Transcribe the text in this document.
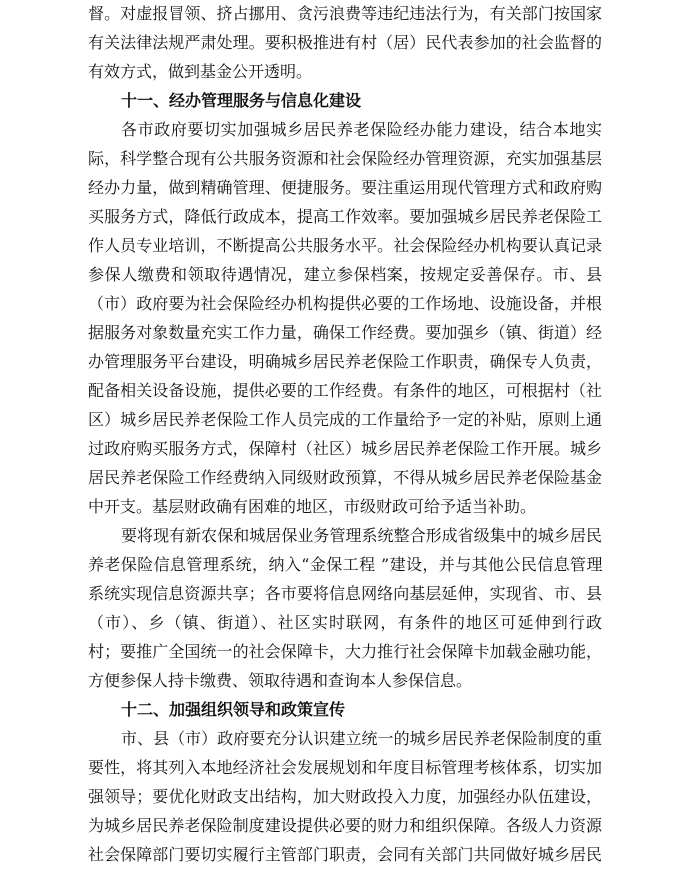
督。对虚报冒领、挤占挪用、贪污浪费等违纪违法行为，有关部门按国家
有关法律法规严肃处理。要积极推进有村（居）民代表参加的社会监督的
有效方式，做到基金公开透明。
十一、经办管理服务与信息化建设
各市政府要切实加强城乡居民养老保险经办能力建设，结合本地实
际，科学整合现有公共服务资源和社会保险经办管理资源，充实加强基层
经办力量，做到精确管理、便捷服务。要注重运用现代管理方式和政府购
买服务方式，降低行政成本，提高工作效率。要加强城乡居民养老保险工
作人员专业培训，不断提高公共服务水平。社会保险经办机构要认真记录
参保人缴费和领取待遇情况，建立参保档案，按规定妥善保存。市、县
（市）政府要为社会保险经办机构提供必要的工作场地、设施设备，并根
据服务对象数量充实工作力量，确保工作经费。要加强乡（镇、街道）经
办管理服务平台建设，明确城乡居民养老保险工作职责，确保专人负责，
配备相关设备设施，提供必要的工作经费。有条件的地区，可根据村（社
区）城乡居民养老保险工作人员完成的工作量给予一定的补贴，原则上通
过政府购买服务方式，保障村（社区）城乡居民养老保险工作开展。城乡
居民养老保险工作经费纳入同级财政预算，不得从城乡居民养老保险基金
中开支。基层财政确有困难的地区，市级财政可给予适当补助。
要将现有新农保和城居保业务管理系统整合形成省级集中的城乡居民
养老保险信息管理系统，纳入“金保工程 ”建设，并与其他公民信息管理
系统实现信息资源共享；各市要将信息网络向基层延伸，实现省、市、县
（市）、乡（镇、街道）、社区实时联网，有条件的地区可延伸到行政
村；要推广全国统一的社会保障卡，大力推行社会保障卡加载金融功能，
方便参保人持卡缴费、领取待遇和查询本人参保信息。
十二、加强组织领导和政策宣传
市、县（市）政府要充分认识建立统一的城乡居民养老保险制度的重
要性，将其列入本地经济社会发展规划和年度目标管理考核体系，切实加
强领导；要优化财政支出结构，加大财政投入力度，加强经办队伍建设，
为城乡居民养老保险制度建设提供必要的财力和组织保障。各级人力资源
社会保障部门要切实履行主管部门职责，会同有关部门共同做好城乡居民
